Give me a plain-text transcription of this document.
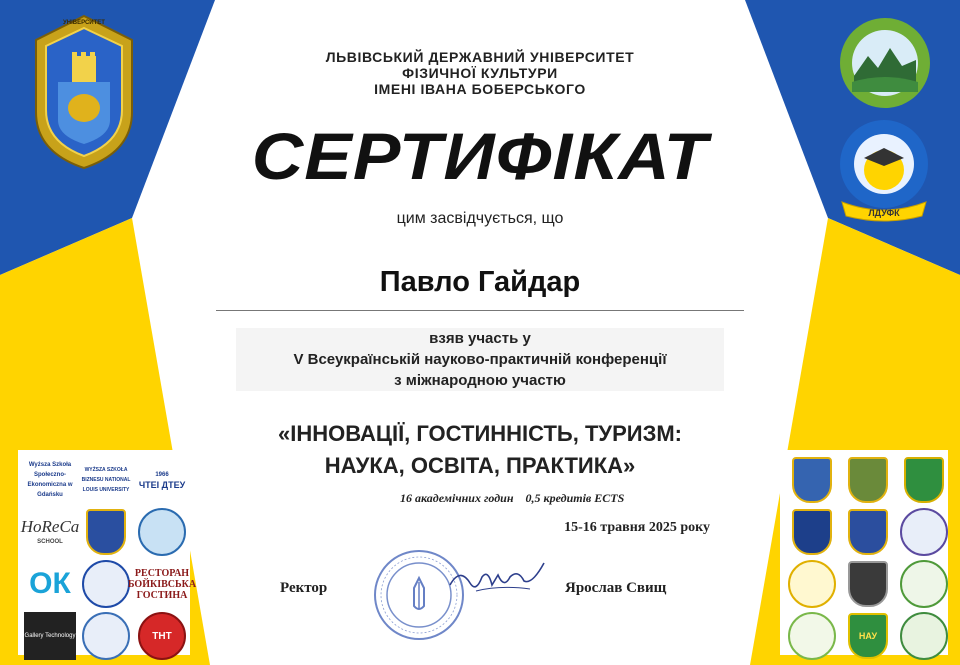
УНІВЕРСИТЕТ
ЛДУФК
ЛЬВІВСЬКИЙ ДЕРЖАВНИЙ УНІВЕРСИТЕТ
ФІЗИЧНОЇ КУЛЬТУРИ
ІМЕНІ ІВАНА БОБЕРСЬКОГО
СЕРТИФІКАТ
цим засвідчується, що
Павло Гайдар
взяв участь у
V Всеукраїнській науково-практичній конференції
з міжнародною участю
«ІННОВАЦІЇ, ГОСТИННІСТЬ, ТУРИЗМ:
НАУКА, ОСВІТА, ПРАКТИКА»
16 академічних годин 0,5 кредитів ECTS
15-16 травня 2025 року
Ректор	Ярослав Свищ
Wyższa Szkoła Społeczno-Ekonomiczna w Gdańsku
WYŻSZA SZKOŁA BIZNESU NATIONAL LOUIS UNIVERSITY
1966
ЧТЕІ ДТЕУ
HoReCa
SCHOOL
ОК	РЕСТОРАН БОЙКІВСЬКА ГОСТИНА
Gallery Technology	ТНТ	НАУ
